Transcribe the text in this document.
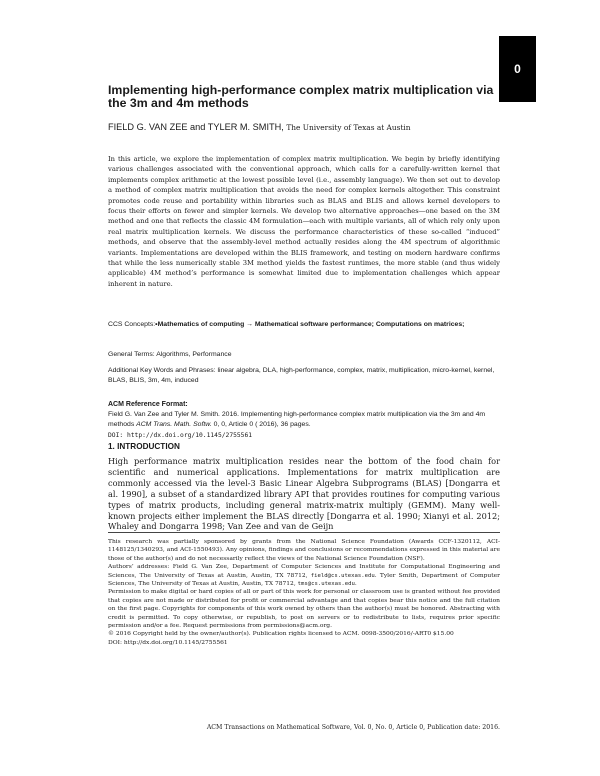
0
Implementing high-performance complex matrix multiplication via the 3m and 4m methods
FIELD G. VAN ZEE and TYLER M. SMITH, The University of Texas at Austin

In this article, we explore the implementation of complex matrix multiplication. We begin by briefly identifying various challenges associated with the conventional approach, which calls for a carefully-written kernel that implements complex arithmetic at the lowest possible level (i.e., assembly language). We then set out to develop a method of complex matrix multiplication that avoids the need for complex kernels altogether. This constraint promotes code reuse and portability within libraries such as BLAS and BLIS and allows kernel developers to focus their efforts on fewer and simpler kernels. We develop two alternative approaches—one based on the 3M method and one that reflects the classic 4M formulation—each with multiple variants, all of which rely only upon real matrix multiplication kernels. We discuss the performance characteristics of these so-called “induced” methods, and observe that the assembly-level method actually resides along the 4M spectrum of algorithmic variants. Implementations are developed within the BLIS framework, and testing on modern hardware confirms that while the less numerically stable 3M method yields the fastest runtimes, the more stable (and thus widely applicable) 4M method’s performance is somewhat limited due to implementation challenges which appear inherent in nature.

CCS Concepts:•Mathematics of computing → Mathematical software performance; Computations on matrices;
General Terms: Algorithms, Performance
Additional Key Words and Phrases: linear algebra, DLA, high-performance, complex, matrix, multiplication, micro-kernel, kernel, BLAS, BLIS, 3m, 4m, induced
ACM Reference Format:
Field G. Van Zee and Tyler M. Smith. 2016. Implementing high-performance complex matrix multiplication via the 3m and 4m methods ACM Trans. Math. Softw. 0, 0, Article 0 ( 2016), 36 pages.
DOI: http://dx.doi.org/10.1145/2755561
1. INTRODUCTION

High performance matrix multiplication resides near the bottom of the food chain for scientific and numerical applications. Implementations for matrix multiplication are commonly accessed via the level-3 Basic Linear Algebra Subprograms (BLAS) [Dongarra et al. 1990], a subset of a standardized library API that provides routines for computing various types of matrix products, including general matrix-matrix multiply (GEMM). Many well-known projects either implement the BLAS directly [Dongarra et al. 1990; Xianyi et al. 2012; Whaley and Dongarra 1998; Van Zee and van de Geijn

This research was partially sponsored by grants from the National Science Foundation (Awards CCF-1320112, ACI-1148125/1340293, and ACI-1550493). Any opinions, findings and conclusions or recommendations expressed in this material are those of the author(s) and do not necessarily reflect the views of the National Science Foundation (NSF).

Authors’ addresses: Field G. Van Zee, Department of Computer Sciences and Institute for Computational Engineering and Sciences, The University of Texas at Austin, Austin, TX 78712, field@cs.utexas.edu. Tyler Smith, Department of Computer Sciences, The University of Texas at Austin, Austin, TX 78712, tms@cs.utexas.edu.

Permission to make digital or hard copies of all or part of this work for personal or classroom use is granted without fee provided that copies are not made or distributed for profit or commercial advantage and that copies bear this notice and the full citation on the first page. Copyrights for components of this work owned by others than the author(s) must be honored. Abstracting with credit is permitted. To copy otherwise, or republish, to post on servers or to redistribute to lists, requires prior specific permission and/or a fee. Request permissions from permissions@acm.org.

© 2016 Copyright held by the owner/author(s). Publication rights licensed to ACM. 0098-3500/2016/-ART0 $15.00

DOI: http://dx.doi.org/10.1145/2755561

ACM Transactions on Mathematical Software, Vol. 0, No. 0, Article 0, Publication date: 2016.
